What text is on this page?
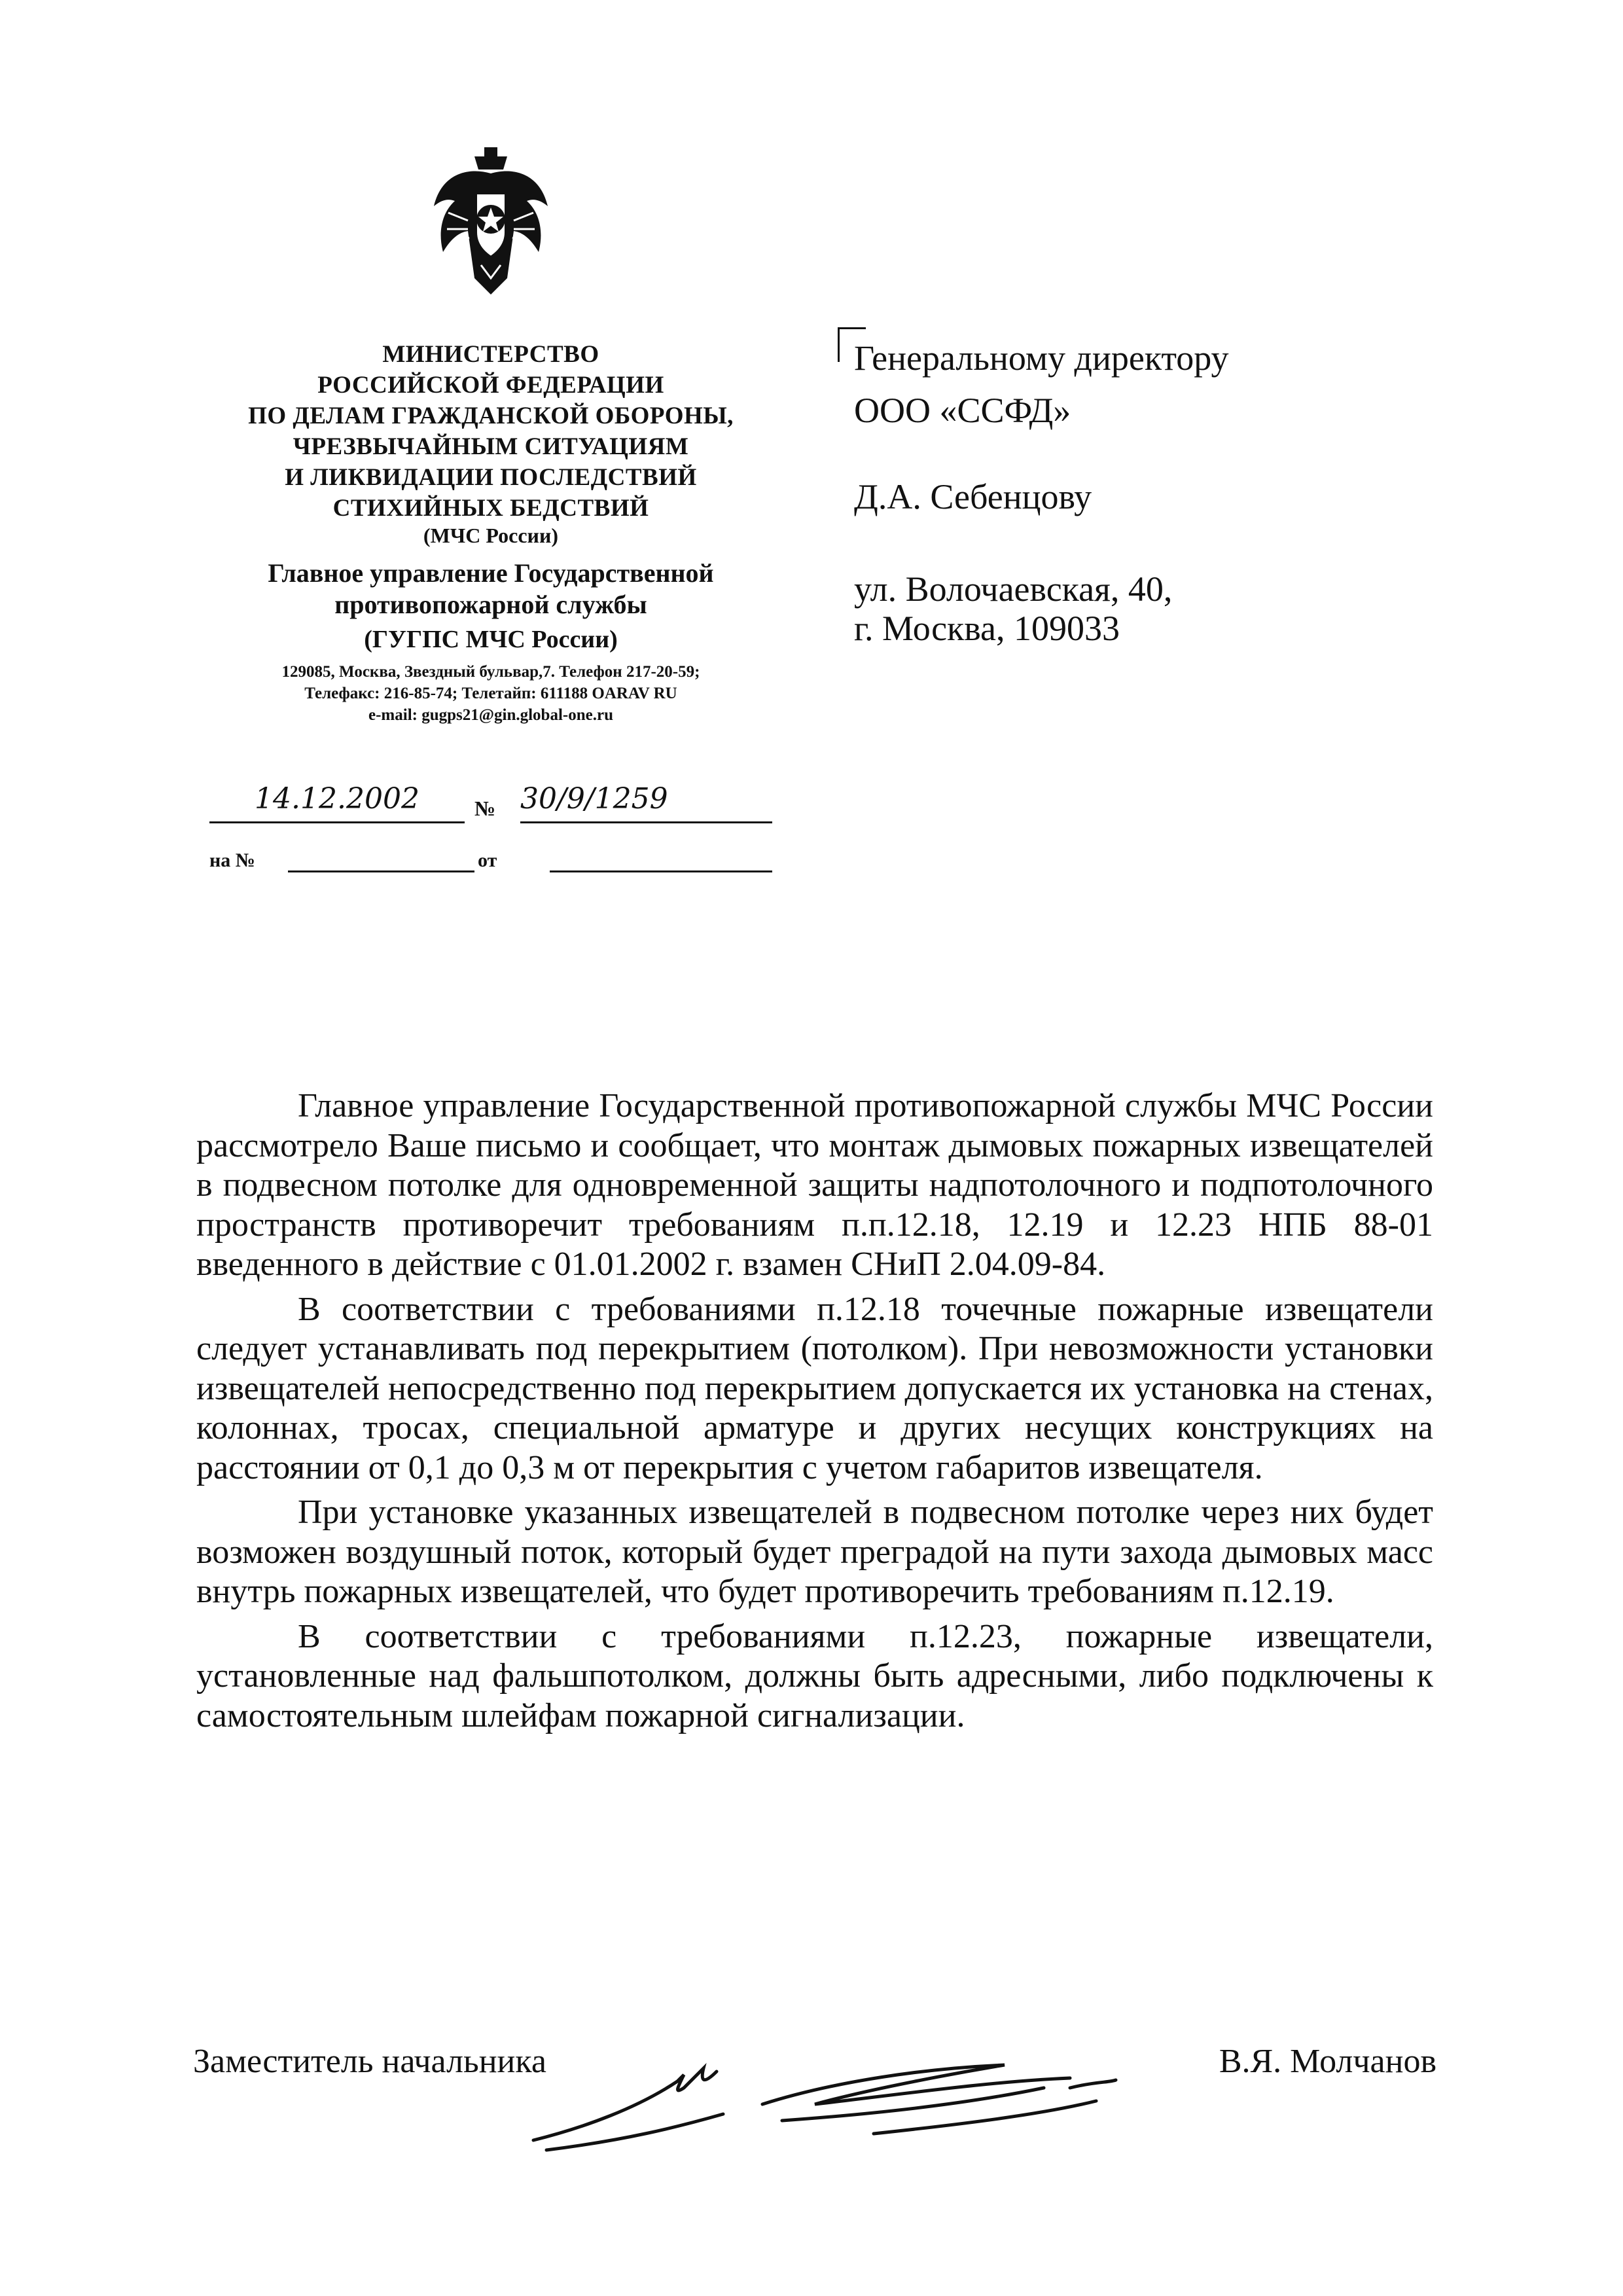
МИНИСТЕРСТВО
РОССИЙСКОЙ ФЕДЕРАЦИИ
ПО ДЕЛАМ ГРАЖДАНСКОЙ ОБОРОНЫ,
ЧРЕЗВЫЧАЙНЫМ СИТУАЦИЯМ
И ЛИКВИДАЦИИ ПОСЛЕДСТВИЙ
СТИХИЙНЫХ БЕДСТВИЙ
(МЧС России)
Главное управление Государственной
противопожарной службы
(ГУГПС МЧС России)
129085, Москва, Звездный бульвар,7. Телефон 217-20-59;
Телефакс: 216-85-74; Телетайп: 611188 OARAV RU
e-mail: gugps21@gin.global-one.ru
14.12.2002	№ 30/9/1259
на №	от
Генеральному директору
ООО «ССФД»
Д.А. Себенцову
ул. Волочаевская, 40,
г. Москва, 109033

Главное управление Государственной противопожарной службы МЧС России рассмотрело Ваше письмо и сообщает, что монтаж дымовых пожарных извещателей в подвесном потолке для одновременной защиты надпотолочного и подпотолочного пространств противоречит требованиям п.п.12.18, 12.19 и 12.23 НПБ 88-01 введенного в действие с 01.01.2002 г. взамен СНиП 2.04.09-84.

В соответствии с требованиями п.12.18 точечные пожарные извещатели следует устанавливать под перекрытием (потолком). При невозможности установки извещателей непосредственно под перекрытием допускается их установка на стенах, колоннах, тросах, специальной арматуре и других несущих конструкциях на расстоянии от 0,1 до 0,3 м от перекрытия с учетом габаритов извещателя.

При установке указанных извещателей в подвесном потолке через них будет возможен воздушный поток, который будет преградой на пути захода дымовых масс внутрь пожарных извещателей, что будет противоречить требованиям п.12.19.

В соответствии с требованиями п.12.23, пожарные извещатели, установленные над фальшпотолком, должны быть адресными, либо подключены к самостоятельным шлейфам пожарной сигнализации.

Заместитель начальника	В.Я. Молчанов
